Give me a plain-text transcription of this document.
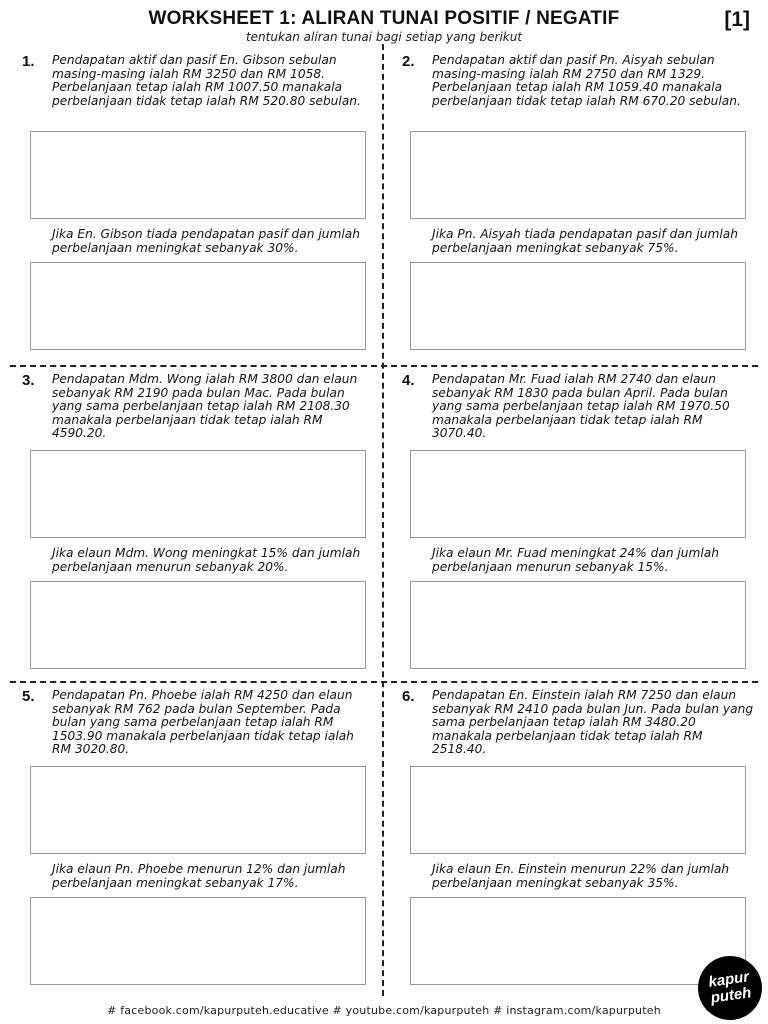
WORKSHEET 1: ALIRAN TUNAI POSITIF / NEGATIF
tentukan aliran tunai bagi setiap yang berikut
[1]
1. Pendapatan aktif dan pasif En. Gibson sebulan masing-masing ialah RM 3250 dan RM 1058. Perbelanjaan tetap ialah RM 1007.50 manakala perbelanjaan tidak tetap ialah RM 520.80 sebulan.
Jika En. Gibson tiada pendapatan pasif dan jumlah perbelanjaan meningkat sebanyak 30%.
2. Pendapatan aktif dan pasif Pn. Aisyah sebulan masing-masing ialah RM 2750 dan RM 1329. Perbelanjaan tetap ialah RM 1059.40 manakala perbelanjaan tidak tetap ialah RM 670.20 sebulan.
Jika Pn. Aisyah tiada pendapatan pasif dan jumlah perbelanjaan meningkat sebanyak 75%.
3. Pendapatan Mdm. Wong ialah RM 3800 dan elaun sebanyak RM 2190 pada bulan Mac. Pada bulan yang sama perbelanjaan tetap ialah RM 2108.30 manakala perbelanjaan tidak tetap ialah RM 4590.20.
Jika elaun Mdm. Wong meningkat 15% dan jumlah perbelanjaan menurun sebanyak 20%.
4. Pendapatan Mr. Fuad ialah RM 2740 dan elaun sebanyak RM 1830 pada bulan April. Pada bulan yang sama perbelanjaan tetap ialah RM 1970.50 manakala perbelanjaan tidak tetap ialah RM 3070.40.
Jika elaun Mr. Fuad meningkat 24% dan jumlah perbelanjaan menurun sebanyak 15%.
5. Pendapatan Pn. Phoebe ialah RM 4250 dan elaun sebanyak RM 762 pada bulan September. Pada bulan yang sama perbelanjaan tetap ialah RM 1503.90 manakala perbelanjaan tidak tetap ialah RM 3020.80.
Jika elaun Pn. Phoebe menurun 12% dan jumlah perbelanjaan meningkat sebanyak 17%.
6. Pendapatan En. Einstein ialah RM 7250 dan elaun sebanyak RM 2410 pada bulan Jun. Pada bulan yang sama perbelanjaan tetap ialah RM 3480.20 manakala perbelanjaan tidak tetap ialah RM 2518.40.
Jika elaun En. Einstein menurun 22% dan jumlah perbelanjaan meningkat sebanyak 35%.
# facebook.com/kapurputeh.educative # youtube.com/kapurputeh # instagram.com/kapurputeh
kapur
puteh
